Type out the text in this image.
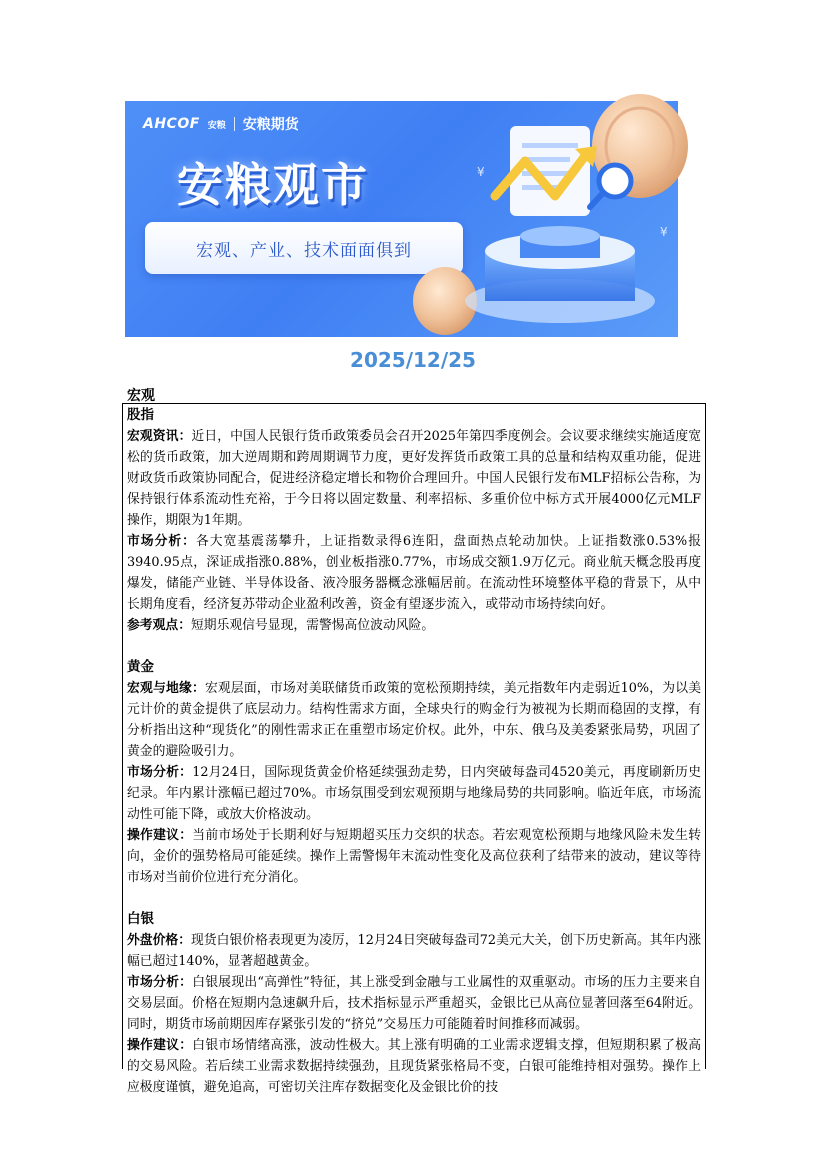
AHCOF 安粮 安粮期货
安粮观市
宏观、产业、技术面面俱到
¥
¥
2025/12/25
宏观
股指

宏观资讯：近日，中国人民银行货币政策委员会召开2025年第四季度例会。会议要求继续实施适度宽松的货币政策，加大逆周期和跨周期调节力度，更好发挥货币政策工具的总量和结构双重功能，促进财政货币政策协同配合，促进经济稳定增长和物价合理回升。中国人民银行发布MLF招标公告称，为保持银行体系流动性充裕，于今日将以固定数量、利率招标、多重价位中标方式开展4000亿元MLF操作，期限为1年期。

市场分析：各大宽基震荡攀升，上证指数录得6连阳，盘面热点轮动加快。上证指数涨0.53%报3940.95点，深证成指涨0.88%，创业板指涨0.77%，市场成交额1.9万亿元。商业航天概念股再度爆发，储能产业链、半导体设备、液冷服务器概念涨幅居前。在流动性环境整体平稳的背景下，从中长期角度看，经济复苏带动企业盈利改善，资金有望逐步流入，或带动市场持续向好。

参考观点：短期乐观信号显现，需警惕高位波动风险。

黄金

宏观与地缘：宏观层面，市场对美联储货币政策的宽松预期持续，美元指数年内走弱近10%，为以美元计价的黄金提供了底层动力。结构性需求方面，全球央行的购金行为被视为长期而稳固的支撑，有分析指出这种“现货化”的刚性需求正在重塑市场定价权。此外，中东、俄乌及美委紧张局势，巩固了黄金的避险吸引力。

市场分析：12月24日，国际现货黄金价格延续强劲走势，日内突破每盎司4520美元，再度刷新历史纪录。年内累计涨幅已超过70%。市场氛围受到宏观预期与地缘局势的共同影响。临近年底，市场流动性可能下降，或放大价格波动。

操作建议：当前市场处于长期利好与短期超买压力交织的状态。若宏观宽松预期与地缘风险未发生转向，金价的强势格局可能延续。操作上需警惕年末流动性变化及高位获利了结带来的波动，建议等待市场对当前价位进行充分消化。

白银

外盘价格：现货白银价格表现更为凌厉，12月24日突破每盎司72美元大关，创下历史新高。其年内涨幅已超过140%，显著超越黄金。

市场分析：白银展现出“高弹性”特征，其上涨受到金融与工业属性的双重驱动。市场的压力主要来自交易层面。价格在短期内急速飙升后，技术指标显示严重超买，金银比已从高位显著回落至64附近。同时，期货市场前期因库存紧张引发的“挤兑”交易压力可能随着时间推移而减弱。

操作建议：白银市场情绪高涨，波动性极大。其上涨有明确的工业需求逻辑支撑，但短期积累了极高的交易风险。若后续工业需求数据持续强劲，且现货紧张格局不变，白银可能维持相对强势。操作上应极度谨慎，避免追高，可密切关注库存数据变化及金银比价的技
